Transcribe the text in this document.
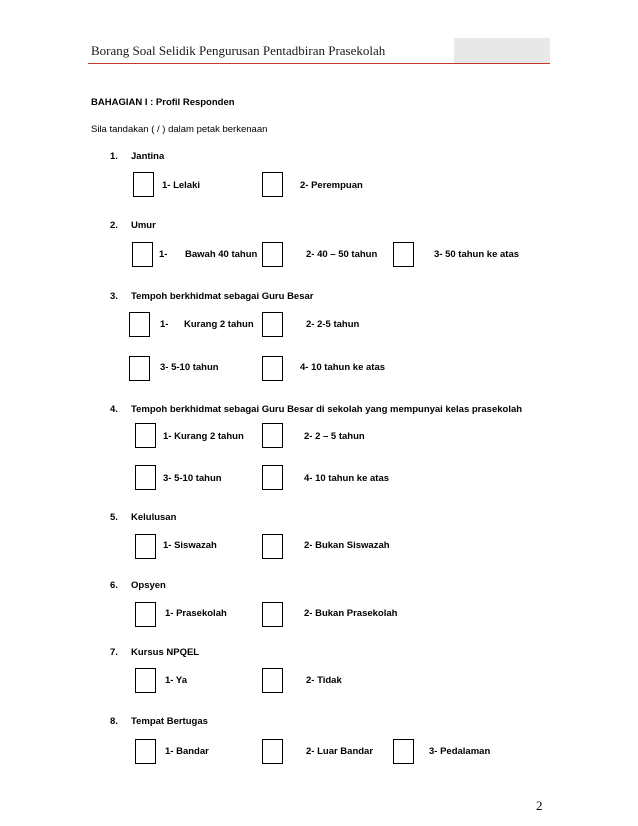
Borang Soal Selidik Pengurusan Pentadbiran Prasekolah
BAHAGIAN I : Profil Responden
Sila tandakan ( / ) dalam petak berkenaan
1. Jantina
1- Lelaki	2- Perempuan
2. Umur
1- Bawah 40 tahun	2- 40 – 50 tahun	3- 50 tahun ke atas
3. Tempoh berkhidmat sebagai Guru Besar
1- Kurang 2 tahun	2- 2-5 tahun
3- 5-10 tahun	4- 10 tahun ke atas
4. Tempoh berkhidmat sebagai Guru Besar di sekolah yang mempunyai kelas prasekolah
1- Kurang 2 tahun	2- 2 – 5 tahun
3- 5-10 tahun	4- 10 tahun ke atas
5. Kelulusan
1- Siswazah	2- Bukan Siswazah
6. Opsyen
1- Prasekolah	2- Bukan Prasekolah
7. Kursus NPQEL
1- Ya	2- Tidak
8. Tempat Bertugas
1- Bandar	2- Luar Bandar	3- Pedalaman
2
